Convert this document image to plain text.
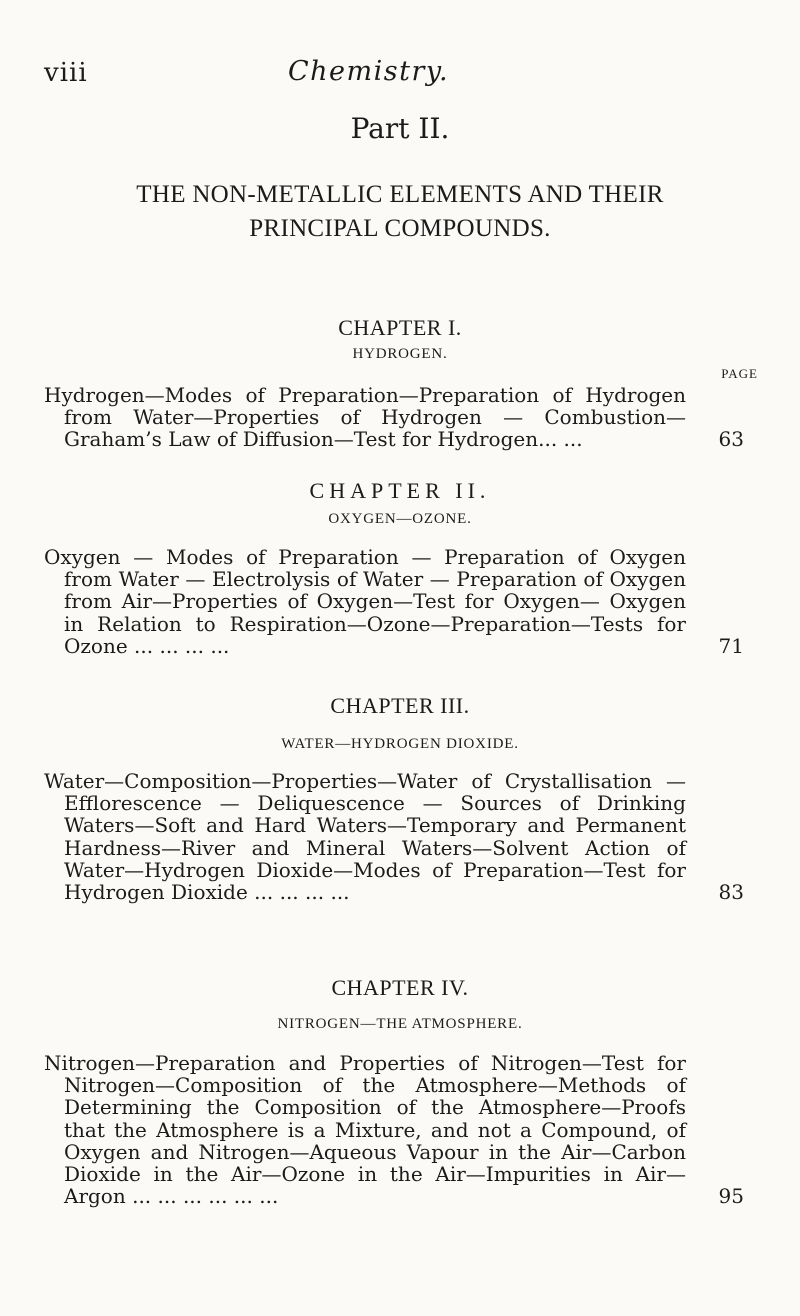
viii	Chemistry.
Part II.
THE NON-METALLIC ELEMENTS AND THEIR
PRINCIPAL COMPOUNDS.
CHAPTER I.
HYDROGEN.
PAGE
Hydrogen—Modes of Preparation—Preparation of Hydrogen from Water—Properties of Hydrogen — Combustion—Graham’s Law of Diffusion—Test for Hydrogen... ...	63
CHAPTER II.
OXYGEN—OZONE.
Oxygen — Modes of Preparation — Preparation of Oxygen from Water — Electrolysis of Water — Preparation of Oxygen from Air—Properties of Oxygen—Test for Oxygen— Oxygen in Relation to Respiration—Ozone—Preparation—Tests for Ozone ... ... ... ...	71
CHAPTER III.
WATER—HYDROGEN DIOXIDE.
Water—Composition—Properties—Water of Crystallisation — Efflorescence — Deliquescence — Sources of Drinking Waters—Soft and Hard Waters—Temporary and Permanent Hardness—River and Mineral Waters—Solvent Action of Water—Hydrogen Dioxide—Modes of Preparation—Test for Hydrogen Dioxide ... ... ... ...	83
CHAPTER IV.
NITROGEN—THE ATMOSPHERE.
Nitrogen—Preparation and Properties of Nitrogen—Test for Nitrogen—Composition of the Atmosphere—Methods of Determining the Composition of the Atmosphere—Proofs that the Atmosphere is a Mixture, and not a Compound, of Oxygen and Nitrogen—Aqueous Vapour in the Air—Carbon Dioxide in the Air—Ozone in the Air—Impurities in Air—Argon ... ... ... ... ... ...	95
